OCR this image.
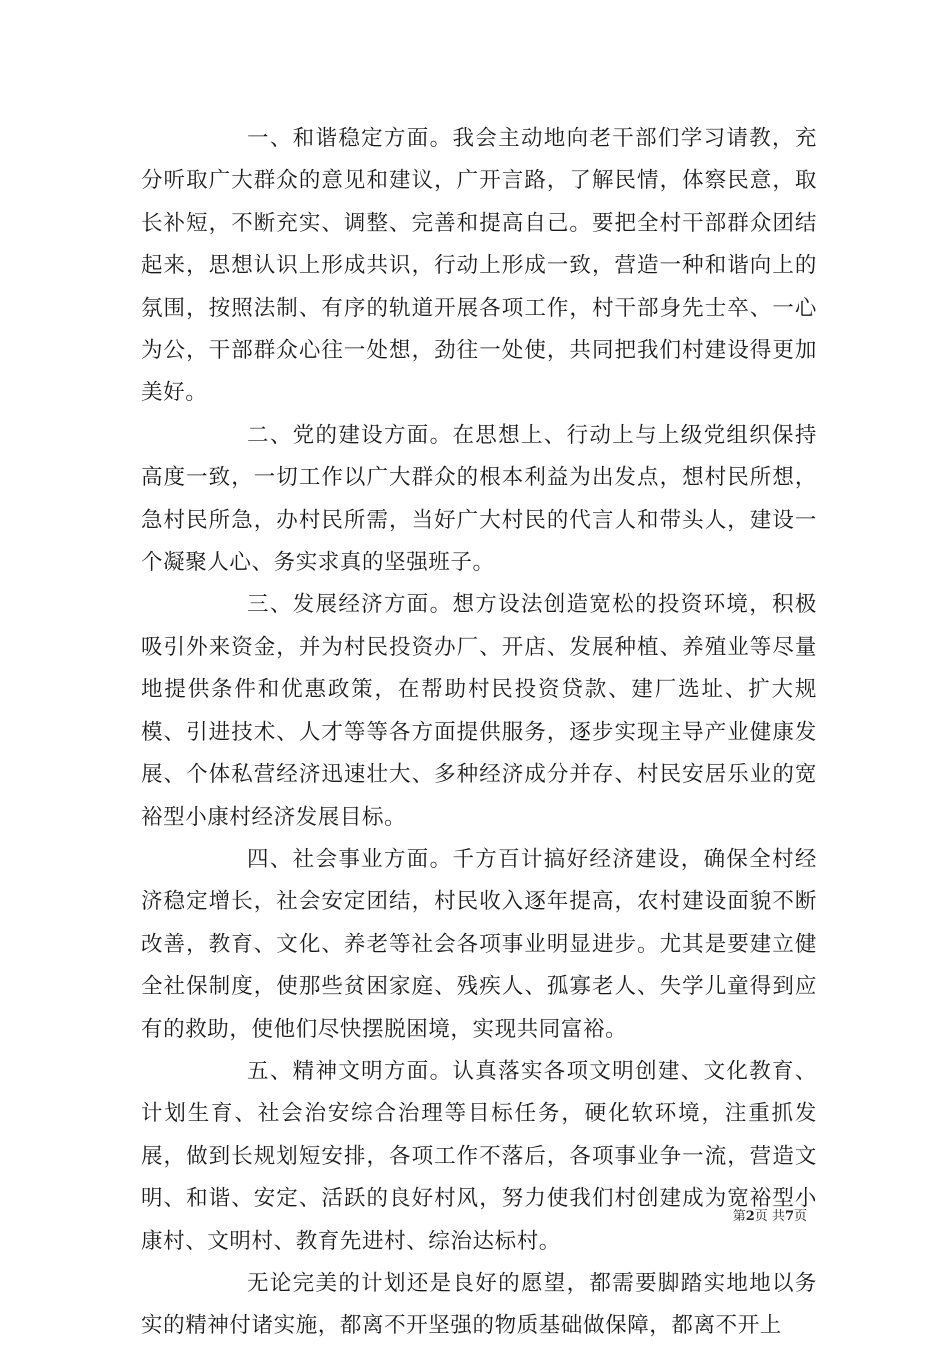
一、和谐稳定方面。我会主动地向老干部们学习请教，充分听取广大群众的意见和建议，广开言路，了解民情，体察民意，取长补短，不断充实、调整、完善和提高自己。要把全村干部群众团结起来，思想认识上形成共识，行动上形成一致，营造一种和谐向上的氛围，按照法制、有序的轨道开展各项工作，村干部身先士卒、一心为公，干部群众心往一处想，劲往一处使，共同把我们村建设得更加美好。

二、党的建设方面。在思想上、行动上与上级党组织保持高度一致，一切工作以广大群众的根本利益为出发点，想村民所想，急村民所急，办村民所需，当好广大村民的代言人和带头人，建设一个凝聚人心、务实求真的坚强班子。

三、发展经济方面。想方设法创造宽松的投资环境，积极吸引外来资金，并为村民投资办厂、开店、发展种植、养殖业等尽量地提供条件和优惠政策，在帮助村民投资贷款、建厂选址、扩大规模、引进技术、人才等等各方面提供服务，逐步实现主导产业健康发展、个体私营经济迅速壮大、多种经济成分并存、村民安居乐业的宽裕型小康村经济发展目标。

四、社会事业方面。千方百计搞好经济建设，确保全村经济稳定增长，社会安定团结，村民收入逐年提高，农村建设面貌不断改善，教育、文化、养老等社会各项事业明显进步。尤其是要建立健全社保制度，使那些贫困家庭、残疾人、孤寡老人、失学儿童得到应有的救助，使他们尽快摆脱困境，实现共同富裕。

五、精神文明方面。认真落实各项文明创建、文化教育、计划生育、社会治安综合治理等目标任务，硬化软环境，注重抓发展，做到长规划短安排，各项工作不落后，各项事业争一流，营造文明、和谐、安定、活跃的良好村风，努力使我们村创建成为宽裕型小康村、文明村、教育先进村、综治达标村。

无论完美的计划还是良好的愿望，都需要脚踏实地地以务实的精神付诸实施，都离不开坚强的物质基础做保障，都离不开上

第2页 共7页
